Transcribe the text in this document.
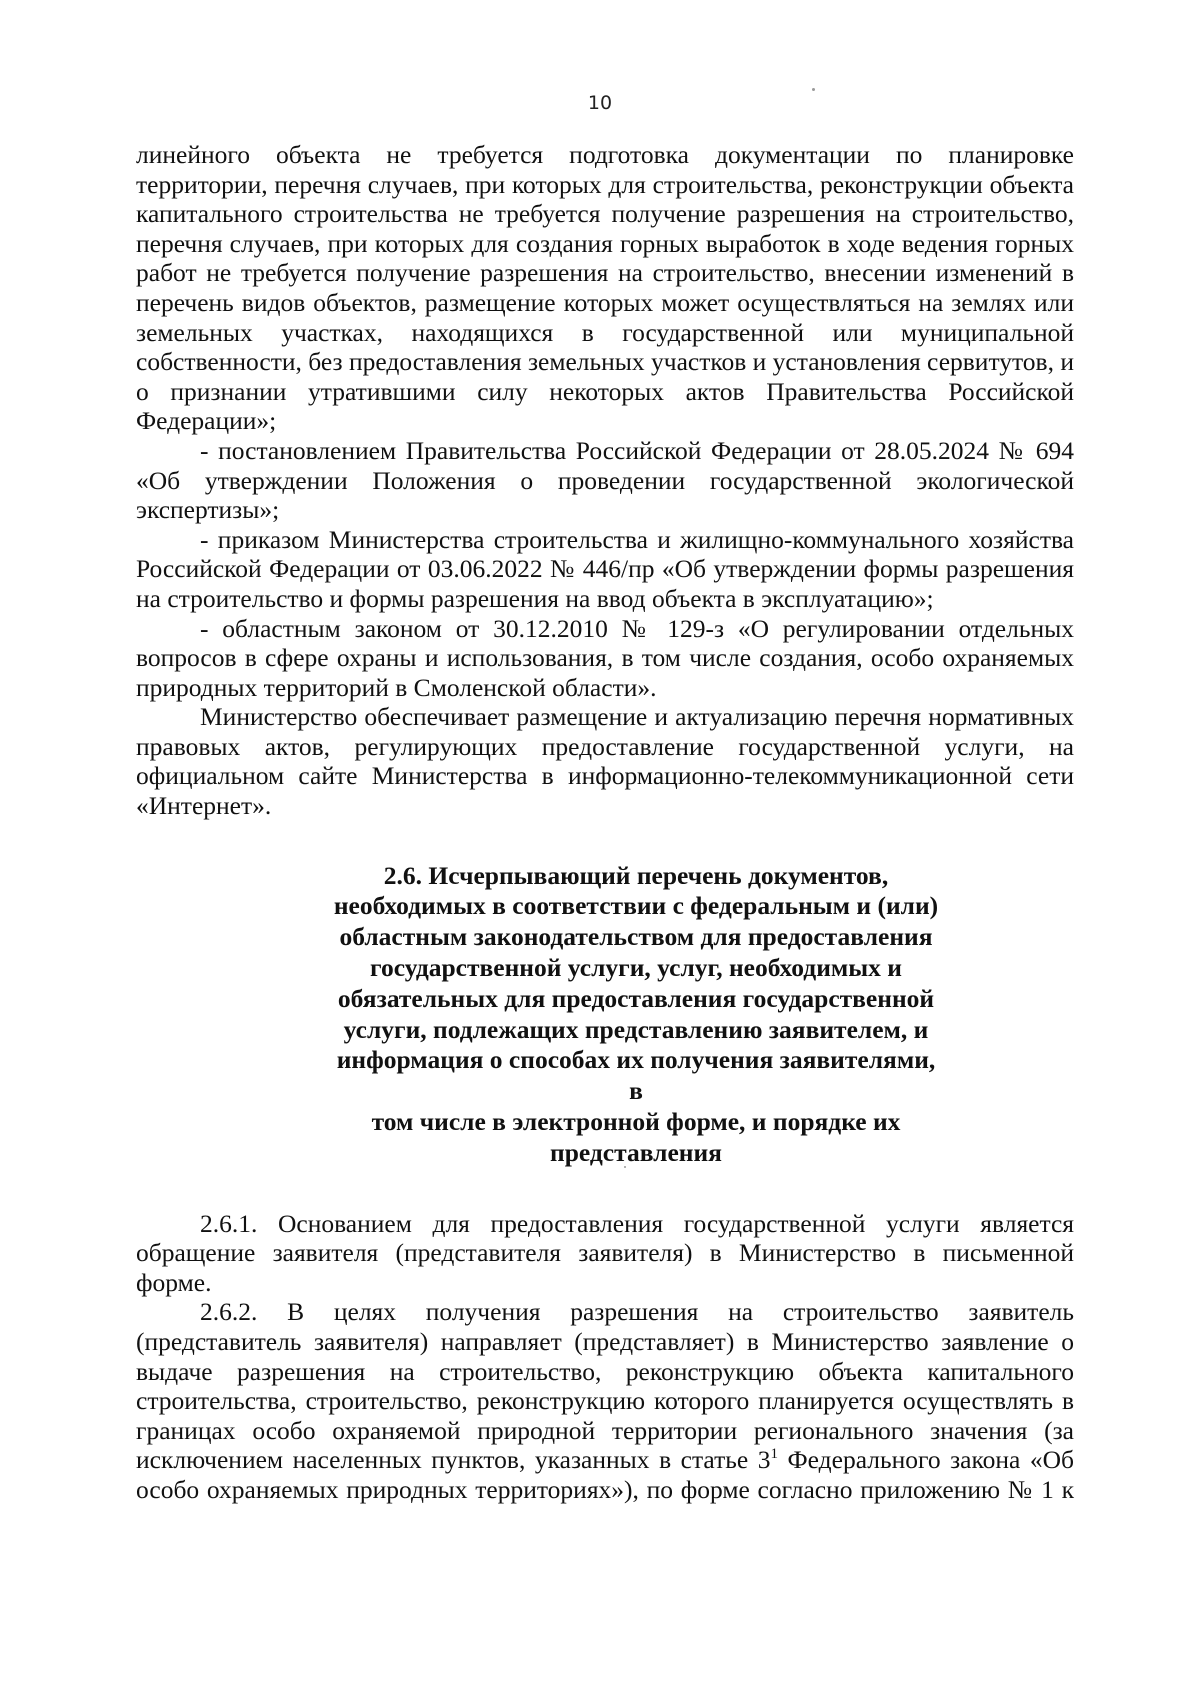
10

линейного объекта не требуется подготовка документации по планировке территории, перечня случаев, при которых для строительства, реконструкции объекта капитального строительства не требуется получение разрешения на строительство, перечня случаев, при которых для создания горных выработок в ходе ведения горных работ не требуется получение разрешения на строительство, внесении изменений в перечень видов объектов, размещение которых может осуществляться на землях или земельных участках, находящихся в государственной или муниципальной собственности, без предоставления земельных участков и установления сервитутов, и о признании утратившими силу некоторых актов Правительства Российской Федерации»;

- постановлением Правительства Российской Федерации от 28.05.2024 № 694 «Об утверждении Положения о проведении государственной экологической экспертизы»;

- приказом Министерства строительства и жилищно-коммунального хозяйства Российской Федерации от 03.06.2022 № 446/пр «Об утверждении формы разрешения на строительство и формы разрешения на ввод объекта в эксплуатацию»;

- областным законом от 30.12.2010 № 129-з «О регулировании отдельных вопросов в сфере охраны и использования, в том числе создания, особо охраняемых природных территорий в Смоленской области».

Министерство обеспечивает размещение и актуализацию перечня нормативных правовых актов, регулирующих предоставление государственной услуги, на официальном сайте Министерства в информационно-телекоммуникационной сети «Интернет».

2.6. Исчерпывающий перечень документов,
необходимых в соответствии с федеральным и (или)
областным законодательством для предоставления
государственной услуги, услуг, необходимых и
обязательных для предоставления государственной
услуги, подлежащих представлению заявителем, и
информация о способах их получения заявителями, в
том числе в электронной форме, и порядке их
представления

2.6.1. Основанием для предоставления государственной услуги является обращение заявителя (представителя заявителя) в Министерство в письменной форме.

2.6.2. В целях получения разрешения на строительство заявитель (представитель заявителя) направляет (представляет) в Министерство заявление о выдаче разрешения на строительство, реконструкцию объекта капитального строительства, строительство, реконструкцию которого планируется осуществлять в границах особо охраняемой природной территории регионального значения (за исключением населенных пунктов, указанных в статье $3^1$ Федерального закона «Об особо охраняемых природных территориях»), по форме согласно приложению № 1 к
